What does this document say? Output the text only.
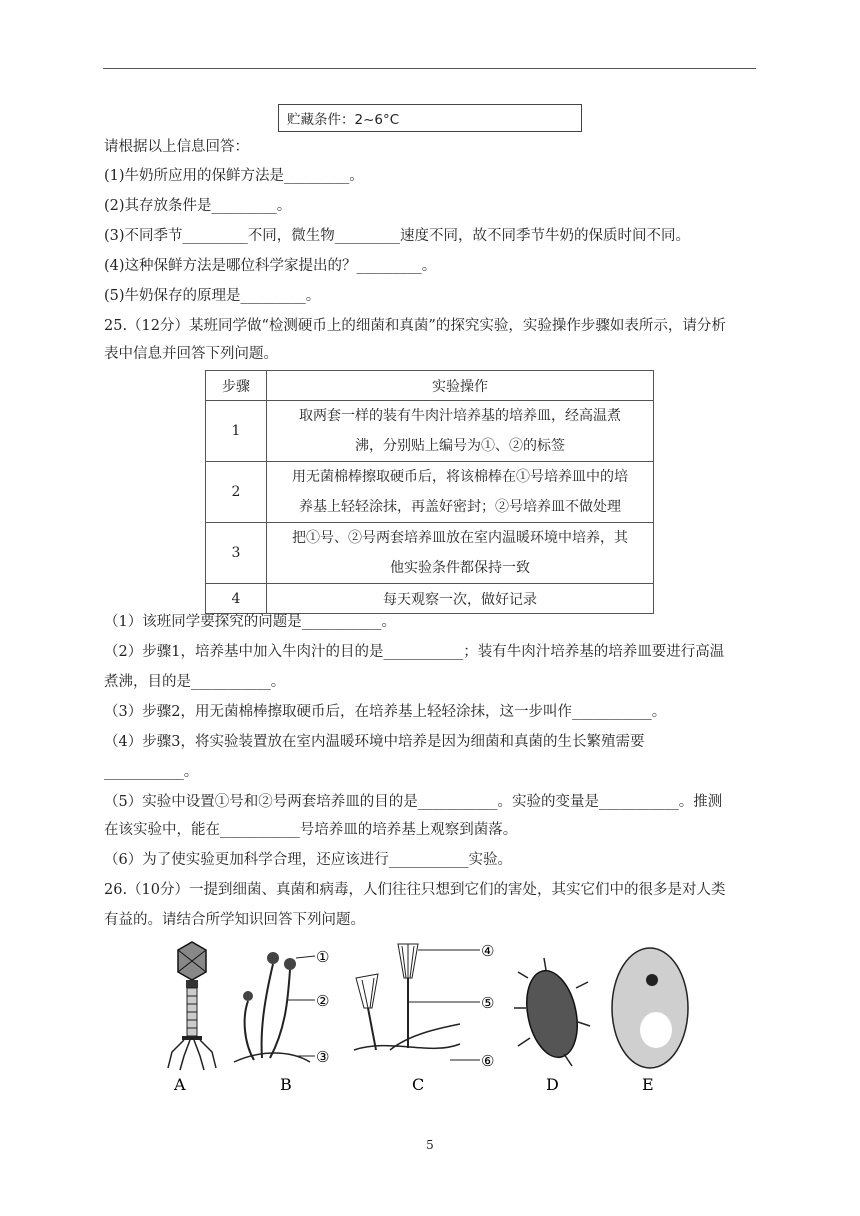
贮藏条件：2~6°C
请根据以上信息回答：
(1)牛奶所应用的保鲜方法是_________。
(2)其存放条件是_________。
(3)不同季节_________不同，微生物_________速度不同，故不同季节牛奶的保质时间不同。
(4)这种保鲜方法是哪位科学家提出的？_________。
(5)牛奶保存的原理是_________。
25.（12分）某班同学做“检测硬币上的细菌和真菌”的探究实验，实验操作步骤如表所示，请分析
表中信息并回答下列问题。
步骤	实验操作
1	取两套一样的装有牛肉汁培养基的培养皿，经高温煮
沸，分别贴上编号为①、②的标签
2	用无菌棉棒擦取硬币后，将该棉棒在①号培养皿中的培
养基上轻轻涂抹，再盖好密封；②号培养皿不做处理
3	把①号、②号两套培养皿放在室内温暖环境中培养，其
他实验条件都保持一致
4	每天观察一次，做好记录
（1）该班同学要探究的问题是___________。
（2）步骤1，培养基中加入牛肉汁的目的是___________；装有牛肉汁培养基的培养皿要进行高温
煮沸，目的是___________。
（3）步骤2，用无菌棉棒擦取硬币后，在培养基上轻轻涂抹，这一步叫作___________。
（4）步骤3，将实验装置放在室内温暖环境中培养是因为细菌和真菌的生长繁殖需要
___________。
（5）实验中设置①号和②号两套培养皿的目的是___________。实验的变量是___________。推测
在该实验中，能在___________号培养皿的培养基上观察到菌落。
（6）为了使实验更加科学合理，还应该进行___________实验。
26.（10分）一提到细菌、真菌和病毒，人们往往只想到它们的害处，其实它们中的很多是对人类
有益的。请结合所学知识回答下列问题。
A	B	C	D	E
①
②
③
④
⑤
⑥
5
